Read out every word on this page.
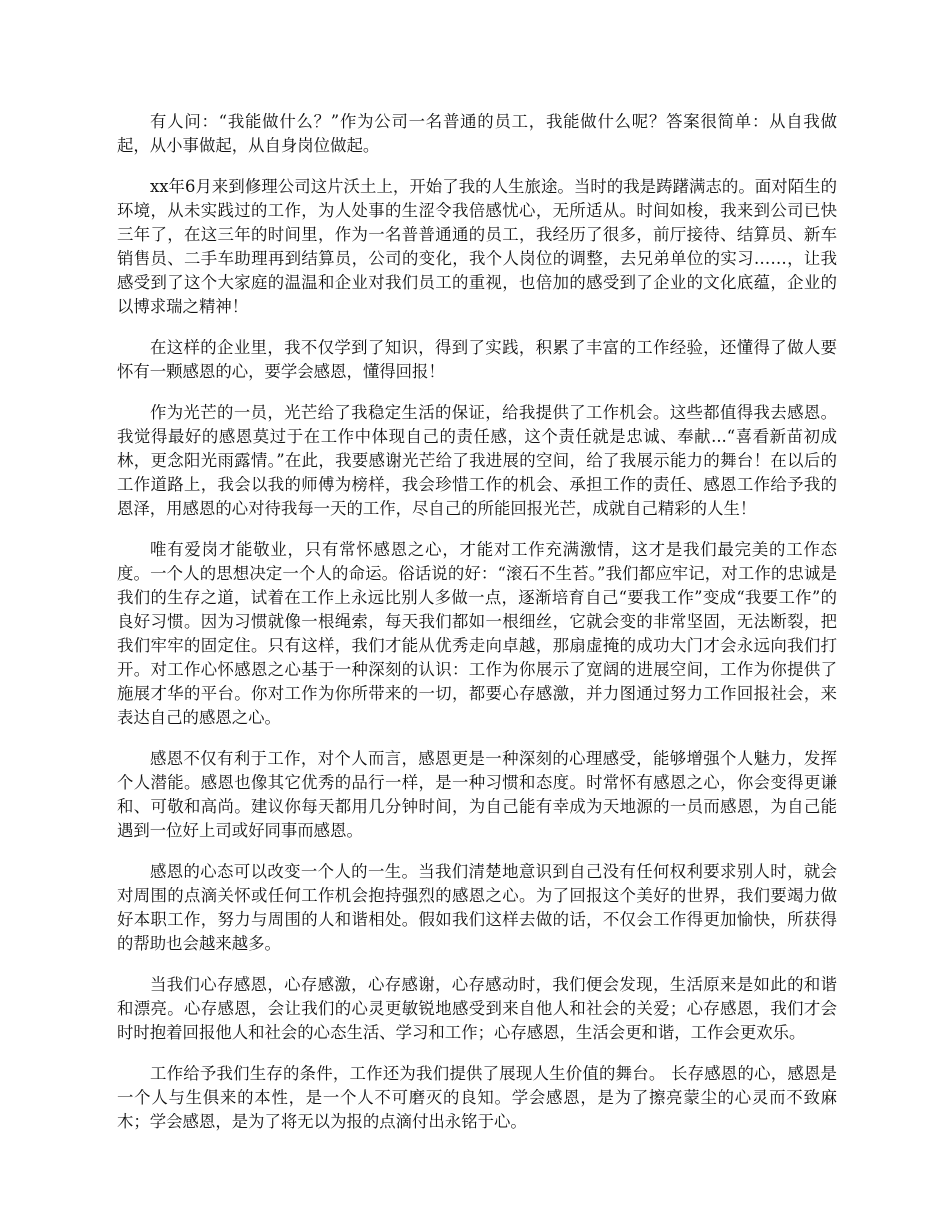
有人问：“我能做什么？”作为公司一名普通的员工，我能做什么呢？答案很简单：从自我做起，从小事做起，从自身岗位做起。

xx年6月来到修理公司这片沃土上，开始了我的人生旅途。当时的我是踌躇满志的。面对陌生的环境，从未实践过的工作，为人处事的生涩令我倍感忧心，无所适从。时间如梭，我来到公司已快三年了，在这三年的时间里，作为一名普普通通的员工，我经历了很多，前厅接待、结算员、新车销售员、二手车助理再到结算员，公司的变化，我个人岗位的调整，去兄弟单位的实习……，让我感受到了这个大家庭的温温和企业对我们员工的重视，也倍加的感受到了企业的文化底蕴，企业的以博求瑞之精神！

在这样的企业里，我不仅学到了知识，得到了实践，积累了丰富的工作经验，还懂得了做人要怀有一颗感恩的心，要学会感恩，懂得回报！

作为光芒的一员，光芒给了我稳定生活的保证，给我提供了工作机会。这些都值得我去感恩。我觉得最好的感恩莫过于在工作中体现自己的责任感，这个责任就是忠诚、奉献...“喜看新苗初成林，更念阳光雨露情。”在此，我要感谢光芒给了我进展的空间，给了我展示能力的舞台！在以后的工作道路上，我会以我的师傅为榜样，我会珍惜工作的机会、承担工作的责任、感恩工作给予我的恩泽，用感恩的心对待我每一天的工作，尽自己的所能回报光芒，成就自己精彩的人生！

唯有爱岗才能敬业，只有常怀感恩之心，才能对工作充满激情，这才是我们最完美的工作态度。一个人的思想决定一个人的命运。俗话说的好：“滚石不生苔。”我们都应牢记，对工作的忠诚是我们的生存之道，试着在工作上永远比别人多做一点，逐渐培育自己“要我工作”变成“我要工作”的良好习惯。因为习惯就像一根绳索，每天我们都如一根细丝，它就会变的非常坚固，无法断裂，把我们牢牢的固定住。只有这样，我们才能从优秀走向卓越，那扇虚掩的成功大门才会永远向我们打开。对工作心怀感恩之心基于一种深刻的认识：工作为你展示了宽阔的进展空间，工作为你提供了施展才华的平台。你对工作为你所带来的一切，都要心存感激，并力图通过努力工作回报社会，来表达自己的感恩之心。

感恩不仅有利于工作，对个人而言，感恩更是一种深刻的心理感受，能够增强个人魅力，发挥个人潜能。感恩也像其它优秀的品行一样，是一种习惯和态度。时常怀有感恩之心，你会变得更谦和、可敬和高尚。建议你每天都用几分钟时间，为自己能有幸成为天地源的一员而感恩，为自己能遇到一位好上司或好同事而感恩。

感恩的心态可以改变一个人的一生。当我们清楚地意识到自己没有任何权利要求别人时，就会对周围的点滴关怀或任何工作机会抱持强烈的感恩之心。为了回报这个美好的世界，我们要竭力做好本职工作，努力与周围的人和谐相处。假如我们这样去做的话，不仅会工作得更加愉快，所获得的帮助也会越来越多。

当我们心存感恩，心存感激，心存感谢，心存感动时，我们便会发现，生活原来是如此的和谐和漂亮。心存感恩，会让我们的心灵更敏锐地感受到来自他人和社会的关爱；心存感恩，我们才会时时抱着回报他人和社会的心态生活、学习和工作；心存感恩，生活会更和谐，工作会更欢乐。

工作给予我们生存的条件，工作还为我们提供了展现人生价值的舞台。 长存感恩的心，感恩是一个人与生俱来的本性，是一个人不可磨灭的良知。学会感恩，是为了擦亮蒙尘的心灵而不致麻木；学会感恩，是为了将无以为报的点滴付出永铭于心。
